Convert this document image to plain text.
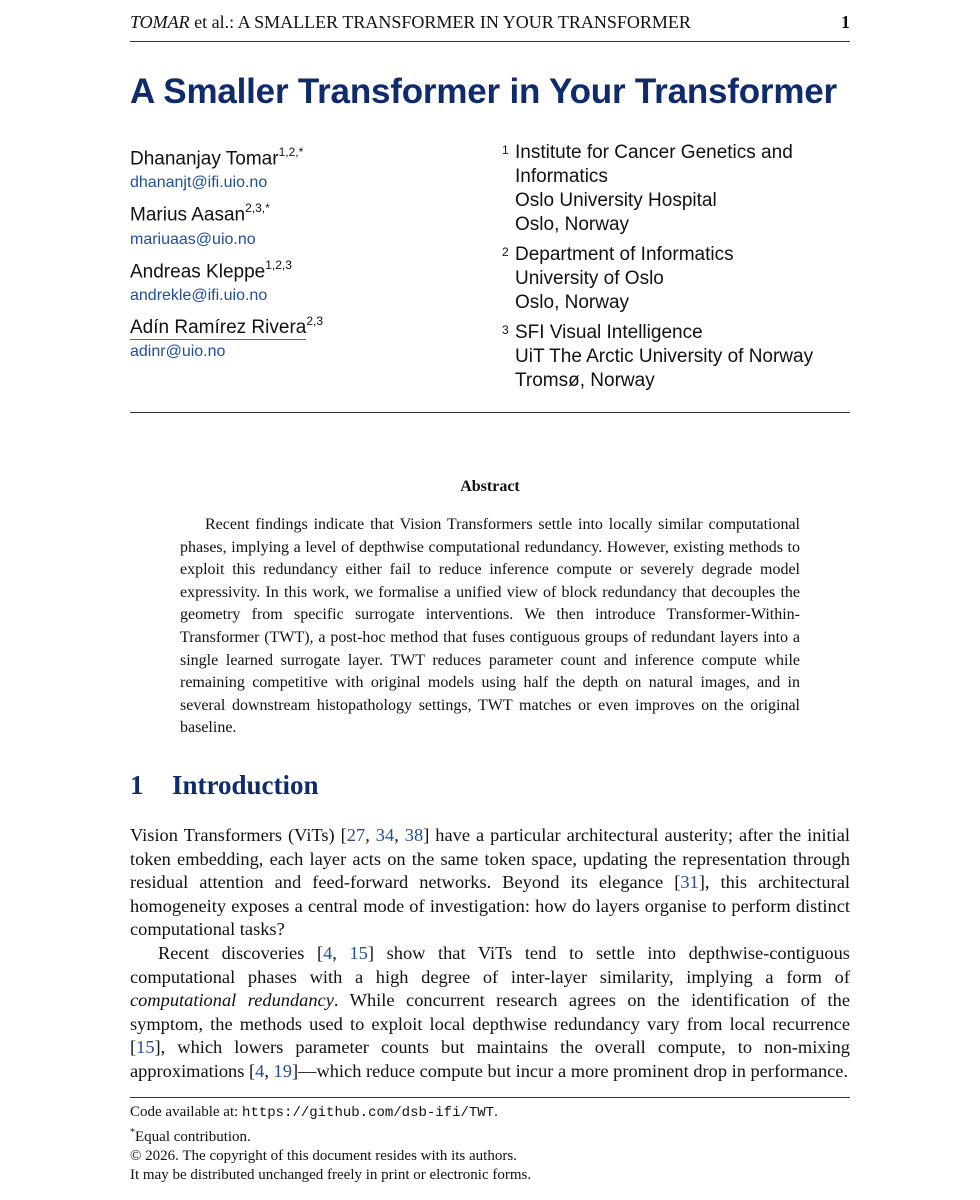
TOMAR et al.: A SMALLER TRANSFORMER IN YOUR TRANSFORMER	1
A Smaller Transformer in Your Transformer

Dhananjay Tomar$^{1,2,*}$

dhananjt@ifi.uio.no

Marius Aasan$^{2,3,*}$

mariuaas@uio.no

Andreas Kleppe$^{1,2,3}$

andrekle@ifi.uio.no

Adín Ramírez Rivera$^{2,3}$

adinr@uio.no

1 Institute for Cancer Genetics and
Informatics
Oslo University Hospital
Oslo, Norway
2 Department of Informatics
University of Oslo
Oslo, Norway
3 SFI Visual Intelligence
UiT The Arctic University of Norway
Tromsø, Norway
Abstract

Recent findings indicate that Vision Transformers settle into locally similar computational phases, implying a level of depthwise computational redundancy. However, existing methods to exploit this redundancy either fail to reduce inference compute or severely degrade model expressivity. In this work, we formalise a unified view of block redundancy that decouples the geometry from specific surrogate interventions. We then introduce Transformer-Within-Transformer (TWT), a post-hoc method that fuses contiguous groups of redundant layers into a single learned surrogate layer. TWT reduces parameter count and inference compute while remaining competitive with original models using half the depth on natural images, and in several downstream histopathology settings, TWT matches or even improves on the original baseline.

1 Introduction

Vision Transformers (ViTs) [27, 34, 38] have a particular architectural austerity; after the initial token embedding, each layer acts on the same token space, updating the representation through residual attention and feed-forward networks. Beyond its elegance [31], this architectural homogeneity exposes a central mode of investigation: how do layers organise to perform distinct computational tasks?

Recent discoveries [4, 15] show that ViTs tend to settle into depthwise-contiguous computational phases with a high degree of inter-layer similarity, implying a form of computational redundancy. While concurrent research agrees on the identification of the symptom, the methods used to exploit local depthwise redundancy vary from local recurrence [15], which lowers parameter counts but maintains the overall compute, to non-mixing approximations [4, 19]—which reduce compute but incur a more prominent drop in performance.

Code available at: https://github.com/dsb-ifi/TWT.
*Equal contribution.
© 2026. The copyright of this document resides with its authors.
It may be distributed unchanged freely in print or electronic forms.
